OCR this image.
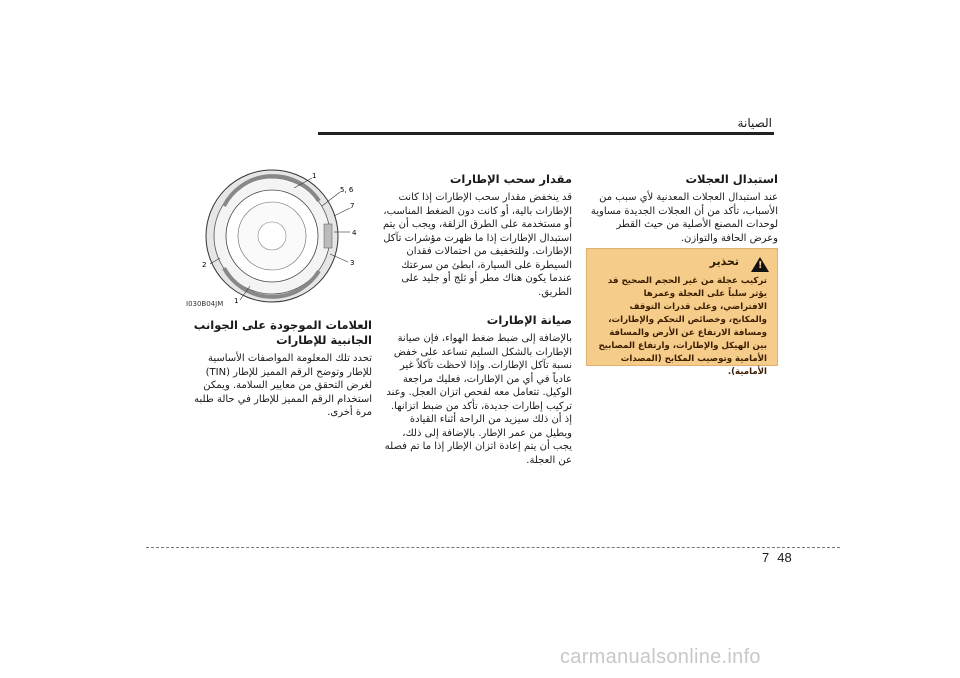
الصيانة
استبدال العجلات

عند استبدال العجلات المعدنية لأي سبب من الأسباب، تأكد من أن العجلات الجديدة مساوية لوحدات المصنع الأصلية من حيث القطر وعرض الحافة والتوازن.

!
تحذير
تركيب عجلة من غير الحجم الصحيح قد يؤثر سلباً على العجلة وعمرها الافتراضي، وعلى قدرات التوقف والمكابح، وخصائص التحكم والإطارات، ومسافة الارتفاع عن الأرض والمسافة بين الهيكل والإطارات، وارتفاع المصابيح الأمامية وتوصيب المكابح (المصدات الأمامية).
مقدار سحب الإطارات

قد ينخفض مقدار سحب الإطارات إذا كانت الإطارات بالية، أو كانت دون الضغط المناسب، أو مستخدمة على الطرق الزلقة، ويجب أن يتم استبدال الإطارات إذا ما ظهرت مؤشرات تآكل الإطارات. وللتخفيف من احتمالات فقدان السيطرة على السيارة، ابطئ من سرعتك عندما يكون هناك مطر أو ثلج أو جليد على الطريق.

صيانة الإطارات

بالإضافة إلى ضبط ضغط الهواء، فإن صيانة الإطارات بالشكل السليم تساعد على خفض نسبة تآكل الإطارات. وإذا لاحظت تآكلاً غير عادياً في أي من الإطارات، فعليك مراجعة الوكيل. تتعامل معه لفحص اتزان العجل. وعند تركيب إطارات جديدة، تأكد من ضبط اتزانها. إذ أن ذلك سيزيد من الراحة أثناء القيادة ويطيل من عمر الإطار. بالإضافة إلى ذلك، يجب أن يتم إعادة اتزان الإطار إذا ما تم فصله عن العجلة.

1
5, 6
7
4
3
2
1
I030B04JM
العلامات الموجودة على الجوانب الجانبية للإطارات

تحدد تلك المعلومة المواصفات الأساسية للإطار وتوضح الرقم المميز للإطار (TIN) لغرض التحقق من معايير السلامة. ويمكن استخدام الرقم المميز للإطار في حالة طلبه مرة أخرى.

7 48
carmanualsonline.info
